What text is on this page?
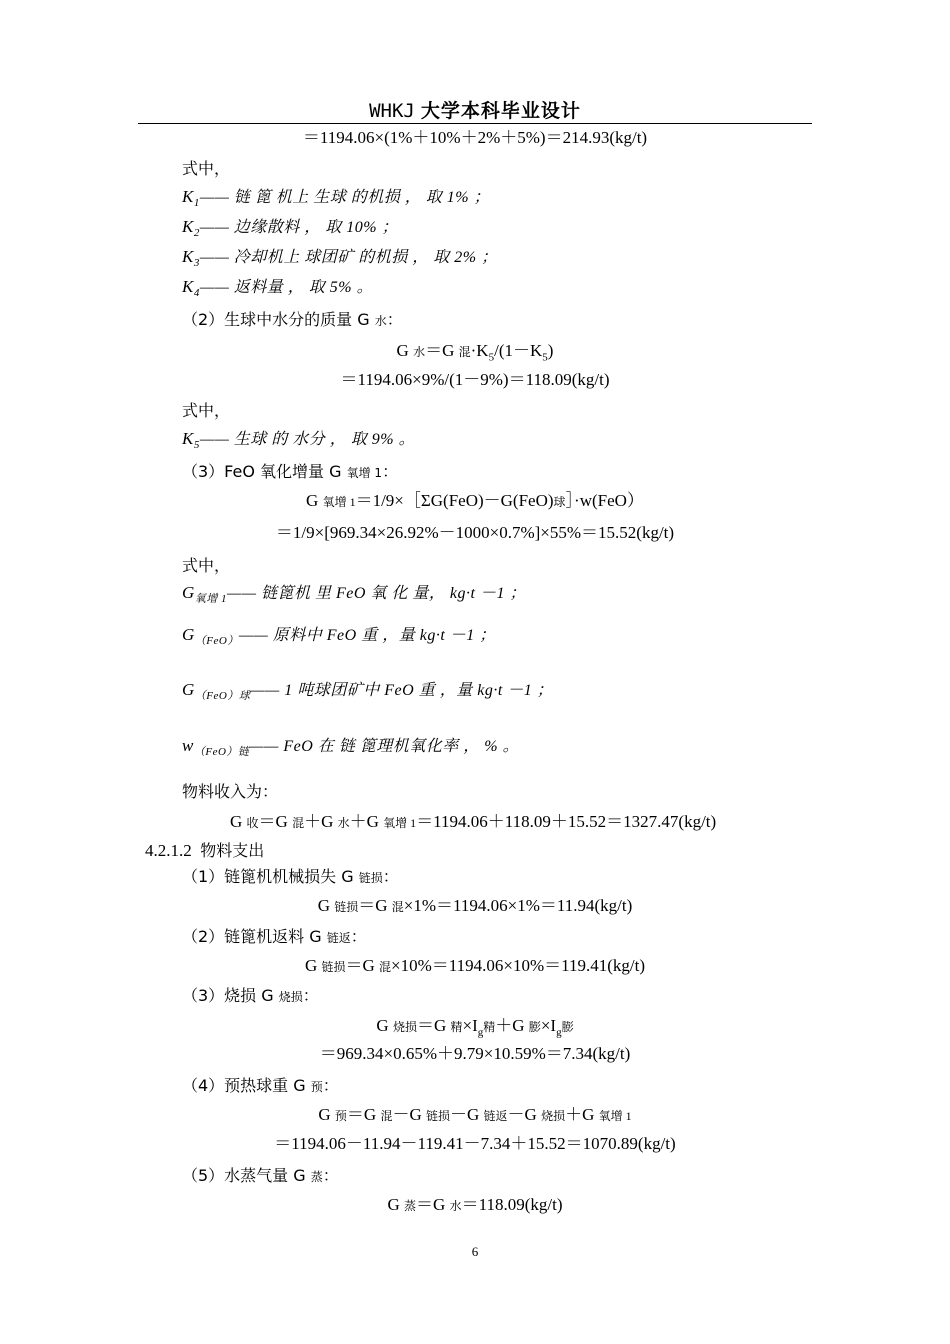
WHKJ 大学本科毕业设计
＝1194.06×(1%＋10%＋2%＋5%)＝214.93(kg/t)
式中，
$K_1——$ 链 篦 机上 生球 的机损 ， 取 1% ；
$K_2——$ 边缘散料 ， 取 10% ；
$K_3——$ 冷却机上 球团矿 的机损 ， 取 2% ；
$K_4——$ 返料量 ， 取 5% 。
（2）生球中水分的质量 G 水：
G 水＝G 混$\cdot K_5/(1-K_5)$
＝1194.06×9%/(1－9%)＝118.09(kg/t)
式中，
$K_5——$ 生球 的 水分 ， 取 9% 。
（3）FeO 氧化增量 G 氧增 1：
G 氧增 1＝1/9×［ΣG(FeO)－G(FeO)球］·w(FeO）
＝1/9×[969.34×26.92%－1000×0.7%]×55%＝15.52(kg/t)
式中，
$G_{氧增 1}——$ 链篦机 里 FeO 氧 化 量， kg·t －1 ；
$G_{(FeO)}——$ 原料中 FeO 重 ，量 kg·t －1 ；
$G_{(FeO)球}——$ 1 吨球团矿中 FeO 重 ，量 kg·t －1 ；
$w_{(FeO)链}——$ FeO 在 链 篦理机氧化率 ， % 。
物料收入为：
G 收＝G 混＋G 水＋G 氧增 1＝1194.06＋118.09＋15.52＝1327.47(kg/t)
4.2.1.2 物料支出
（1）链篦机机械损失 G 链损：
G 链损＝G 混×1%＝1194.06×1%＝11.94(kg/t)
（2）链篦机返料 G 链返：
G 链损＝G 混×10%＝1194.06×10%＝119.41(kg/t)
（3）烧损 G 烧损：
G 烧损＝G 精$\times I_g$精＋G 膨$\times I_g$膨
＝969.34×0.65%＋9.79×10.59%＝7.34(kg/t)
（4）预热球重 G 预：
G 预＝G 混－G 链损－G 链返－G 烧损＋G 氧增 1
＝1194.06－11.94－119.41－7.34＋15.52＝1070.89(kg/t)
（5）水蒸气量 G 蒸：
G 蒸＝G 水＝118.09(kg/t)
6
